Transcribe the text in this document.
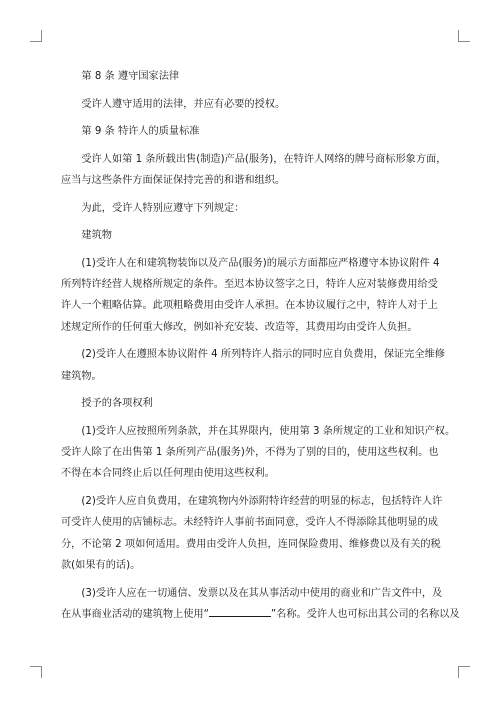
第 8 条 遵守国家法律
受许人遵守适用的法律，并应有必要的授权。
第 9 条 特许人的质量标准
受许人如第 1 条所载出售(制造)产品(服务)，在特许人网络的牌号商标形象方面，
应当与这些条件方面保证保持完善的和谐和组织。
为此，受许人特别应遵守下列规定：
建筑物
(1)受许人在和建筑物装饰以及产品(服务)的展示方面都应严格遵守本协议附件 4
所列特许经营人规格所规定的条件。至迟本协议签字之日，特许人应对装修费用给受
许人一个粗略估算。此项粗略费用由受许人承担。在本协议履行之中，特许人对于上
述规定所作的任何重大修改，例如补充安装、改造等，其费用均由受许人负担。
(2)受许人在遵照本协议附件 4 所列特许人指示的同时应自负费用，保证完全维修
建筑物。
授予的各项权利
(1)受许人应按照所列条款，并在其界限内，使用第 3 条所规定的工业和知识产权。
受许人除了在出售第 1 条所列产品(服务)外，不得为了别的目的，使用这些权利。也
不得在本合同终止后以任何理由使用这些权利。
(2)受许人应自负费用，在建筑物内外添附特许经营的明显的标志，包括特许人许
可受许人使用的店铺标志。未经特许人事前书面同意，受许人不得添除其他明显的成
分，不论第 2 项如何适用。费用由受许人负担，连同保险费用、维修费以及有关的税
款(如果有的话)。
(3)受许人应在一切通信、发票以及在其从事活动中使用的商业和广告文件中，及
在从事商业活动的建筑物上使用“	”名称。受许人也可标出其公司的名称以及
